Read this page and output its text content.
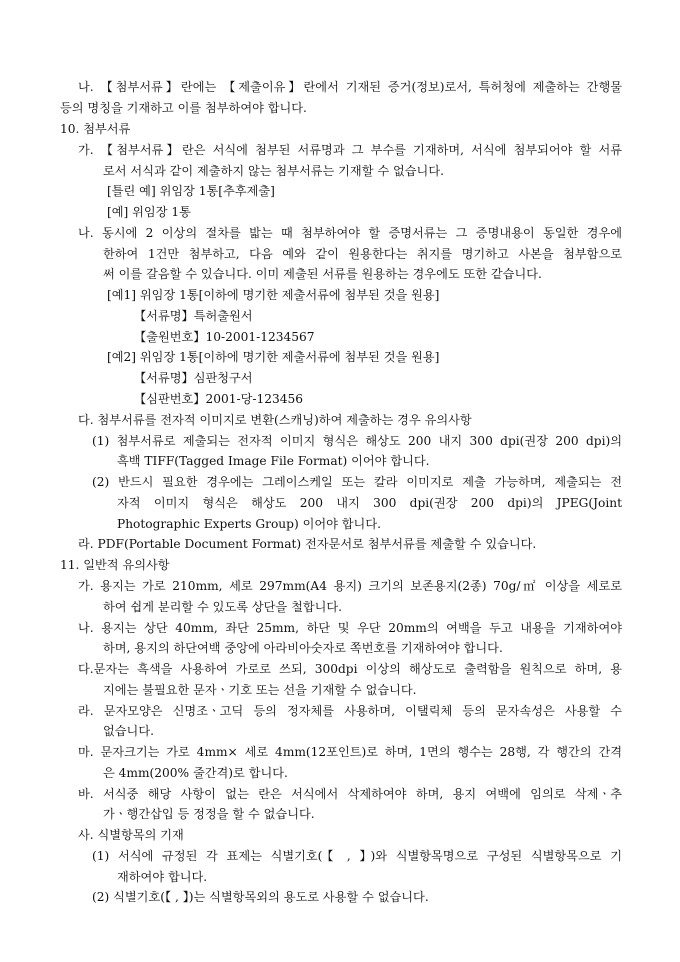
나. 【첨부서류】란에는 【제출이유】란에서 기재된 증거(정보)로서, 특허청에 제출하는 간행물
등의 명칭을 기재하고 이를 첨부하여야 합니다.
10. 첨부서류
가. 【첨부서류】란은 서식에 첨부된 서류명과 그 부수를 기재하며, 서식에 첨부되어야 할 서류
로서 서식과 같이 제출하지 않는 첨부서류는 기재할 수 없습니다.
[틀린 예] 위임장 1통[추후제출]
[예] 위임장 1통
나. 동시에 2 이상의 절차를 밟는 때 첨부하여야 할 증명서류는 그 증명내용이 동일한 경우에
한하여 1건만 첨부하고, 다음 예와 같이 원용한다는 취지를 명기하고 사본을 첨부함으로
써 이를 갈음할 수 있습니다. 이미 제출된 서류를 원용하는 경우에도 또한 같습니다.
[예1] 위임장 1통[이하에 명기한 제출서류에 첨부된 것을 원용]
【서류명】특허출원서
【출원번호】10-2001-1234567
[예2] 위임장 1통[이하에 명기한 제출서류에 첨부된 것을 원용]
【서류명】심판청구서
【심판번호】2001-당-123456
다. 첨부서류를 전자적 이미지로 변환(스캐닝)하여 제출하는 경우 유의사항
(1) 첨부서류로 제출되는 전자적 이미지 형식은 해상도 200 내지 300 dpi(권장 200 dpi)의
흑백 TIFF(Tagged Image File Format) 이어야 합니다.
(2) 반드시 필요한 경우에는 그레이스케일 또는 칼라 이미지로 제출 가능하며, 제출되는 전
자적 이미지 형식은 해상도 200 내지 300 dpi(권장 200 dpi)의 JPEG(Joint
Photographic Experts Group) 이어야 합니다.
라. PDF(Portable Document Format) 전자문서로 첨부서류를 제출할 수 있습니다.
11. 일반적 유의사항
가. 용지는 가로 210mm, 세로 297mm(A4 용지) 크기의 보존용지(2종) 70g/㎡ 이상을 세로로
하여 쉽게 분리할 수 있도록 상단을 철합니다.
나. 용지는 상단 40mm, 좌단 25mm, 하단 및 우단 20mm의 여백을 두고 내용을 기재하여야
하며, 용지의 하단여백 중앙에 아라비아숫자로 쪽번호를 기재하여야 합니다.
다.문자는 흑색을 사용하여 가로로 쓰되, 300dpi 이상의 해상도로 출력함을 원칙으로 하며, 용
지에는 불필요한 문자ㆍ기호 또는 선을 기재할 수 없습니다.
라. 문자모양은 신명조ㆍ고딕 등의 정자체를 사용하며, 이탤릭체 등의 문자속성은 사용할 수
없습니다.
마. 문자크기는 가로 4mm× 세로 4mm(12포인트)로 하며, 1면의 행수는 28행, 각 행간의 간격
은 4mm(200% 줄간격)로 합니다.
바. 서식중 해당 사항이 없는 란은 서식에서 삭제하여야 하며, 용지 여백에 임의로 삭제ㆍ추
가ㆍ행간삽입 등 정정을 할 수 없습니다.
사. 식별항목의 기재
(1) 서식에 규정된 각 표제는 식별기호(【 , 】)와 식별항목명으로 구성된 식별항목으로 기
재하여야 합니다.
(2) 식별기호(【 , 】)는 식별항목외의 용도로 사용할 수 없습니다.
